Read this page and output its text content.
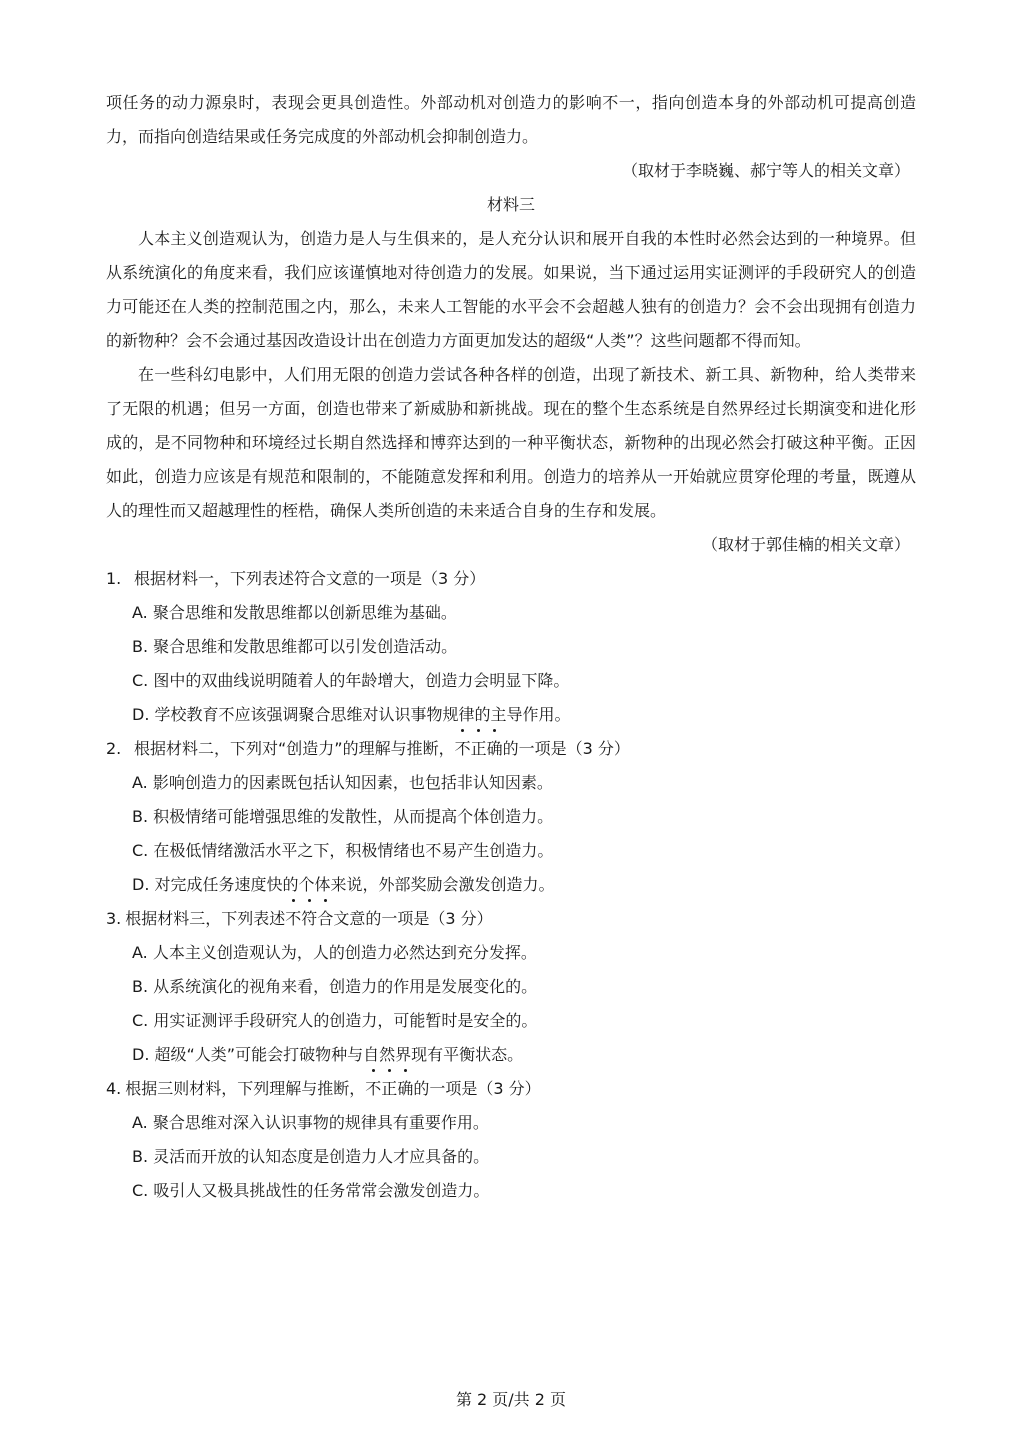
项任务的动力源泉时，表现会更具创造性。外部动机对创造力的影响不一，指向创造本身的外部动机可提高创造力，而指向创造结果或任务完成度的外部动机会抑制创造力。

（取材于李晓巍、郝宁等人的相关文章）

材料三

人本主义创造观认为，创造力是人与生俱来的，是人充分认识和展开自我的本性时必然会达到的一种境界。但从系统演化的角度来看，我们应该谨慎地对待创造力的发展。如果说，当下通过运用实证测评的手段研究人的创造力可能还在人类的控制范围之内，那么，未来人工智能的水平会不会超越人独有的创造力？会不会出现拥有创造力的新物种？会不会通过基因改造设计出在创造力方面更加发达的超级“人类”？这些问题都不得而知。

在一些科幻电影中，人们用无限的创造力尝试各种各样的创造，出现了新技术、新工具、新物种，给人类带来了无限的机遇；但另一方面，创造也带来了新威胁和新挑战。现在的整个生态系统是自然界经过长期演变和进化形成的，是不同物种和环境经过长期自然选择和博弈达到的一种平衡状态，新物种的出现必然会打破这种平衡。正因如此，创造力应该是有规范和限制的，不能随意发挥和利用。创造力的培养从一开始就应贯穿伦理的考量，既遵从人的理性而又超越理性的桎梏，确保人类所创造的未来适合自身的生存和发展。

（取材于郭佳楠的相关文章）

1. 根据材料一，下列表述符合文意的一项是（3 分）

A. 聚合思维和发散思维都以创新思维为基础。

B. 聚合思维和发散思维都可以引发创造活动。

C. 图中的双曲线说明随着人的年龄增大，创造力会明显下降。

D. 学校教育不应该强调聚合思维对认识事物规律的主导作用。

2. 根据材料二，下列对“创造力”的理解与推断，不正确的一项是（3 分）

A. 影响创造力的因素既包括认知因素，也包括非认知因素。

B. 积极情绪可能增强思维的发散性，从而提高个体创造力。

C. 在极低情绪激活水平之下，积极情绪也不易产生创造力。

D. 对完成任务速度快的个体来说，外部奖励会激发创造力。

3. 根据材料三，下列表述不符合文意的一项是（3 分）

A. 人本主义创造观认为，人的创造力必然达到充分发挥。

B. 从系统演化的视角来看，创造力的作用是发展变化的。

C. 用实证测评手段研究人的创造力，可能暂时是安全的。

D. 超级“人类”可能会打破物种与自然界现有平衡状态。

4. 根据三则材料，下列理解与推断，不正确的一项是（3 分）

A. 聚合思维对深入认识事物的规律具有重要作用。

B. 灵活而开放的认知态度是创造力人才应具备的。

C. 吸引人又极具挑战性的任务常常会激发创造力。

第 2 页/共 2 页
